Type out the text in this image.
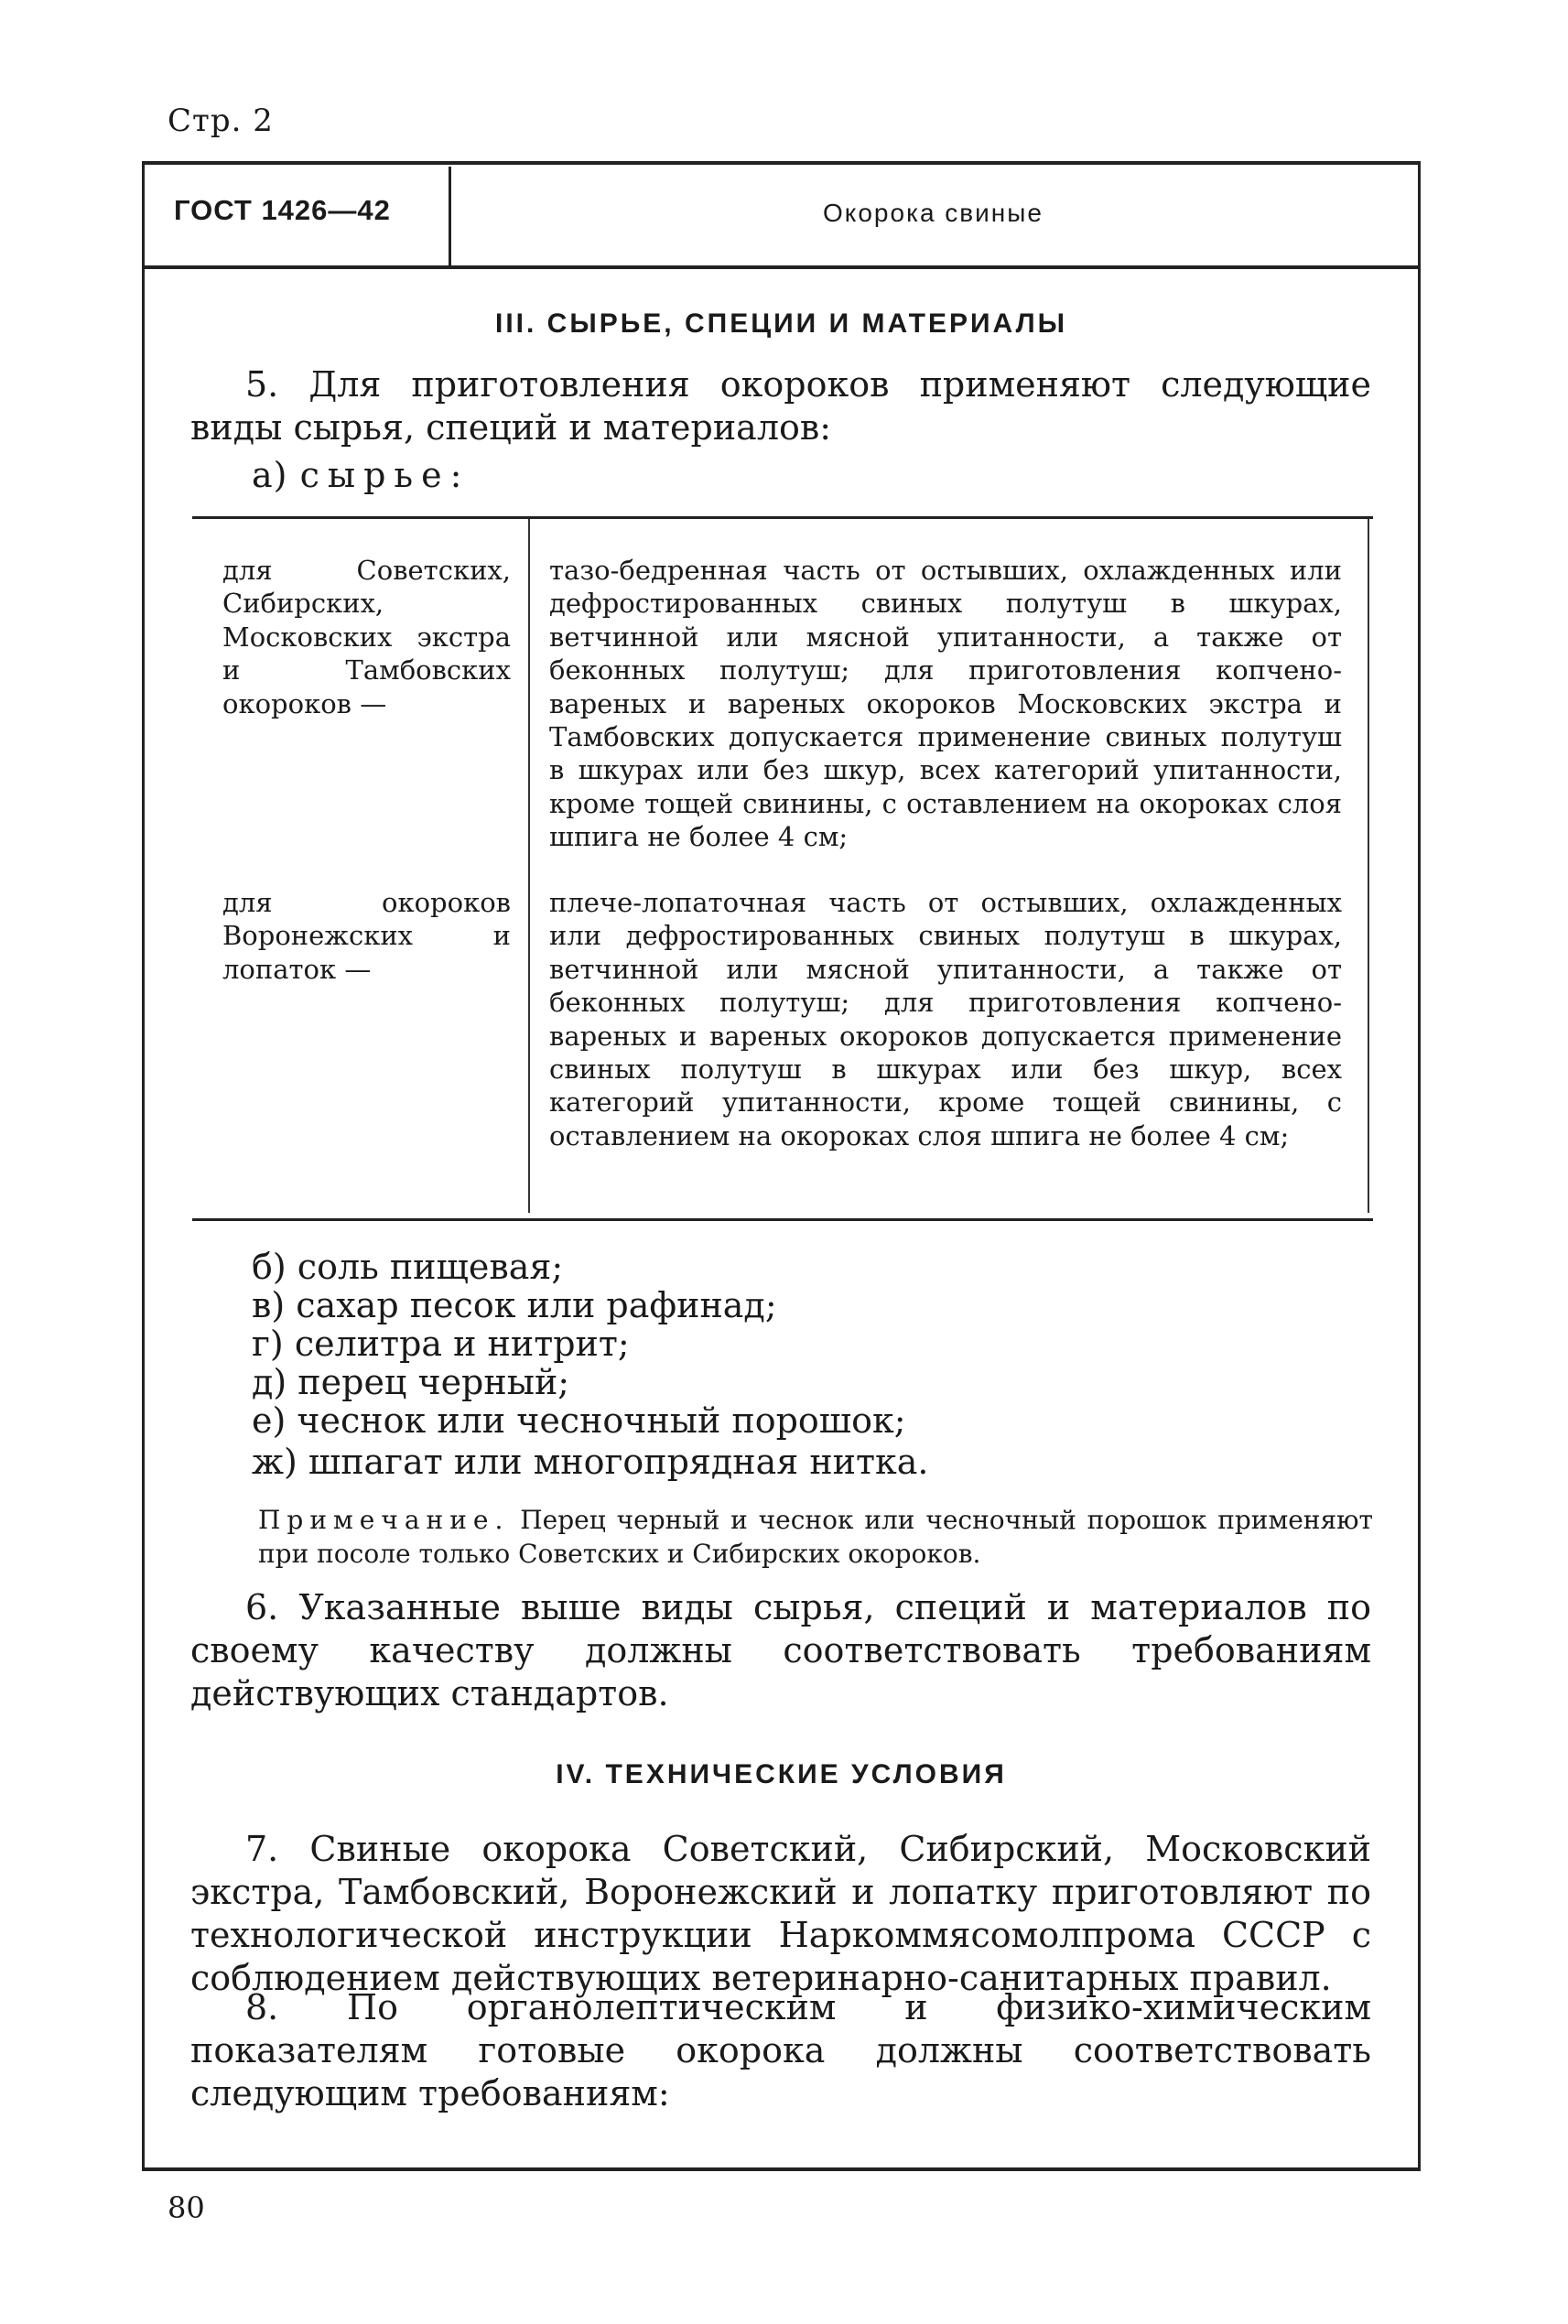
Стр. 2
ГОСТ 1426—42	Окорока свиные
III. СЫРЬЕ, СПЕЦИИ И МАТЕРИАЛЫ
5. Для приготовления окороков применяют следующие виды сырья, специй и материалов:
а) сырье:
для Советских, Сибирских, Московских экстра и Тамбовских окороков —
тазо-бедренная часть от остывших, охлажденных или дефростированных свиных полутуш в шкурах, ветчинной или мясной упитанности, а также от беконных полутуш; для приготовления копчено-вареных и вареных окороков Московских экстра и Тамбовских допускается применение свиных полутуш в шкурах или без шкур, всех категорий упитанности, кроме тощей свинины, с оставлением на окороках слоя шпига не более 4 см;
для окороков Воронежских и лопаток —
плече-лопаточная часть от остывших, охлажденных или дефростированных свиных полутуш в шкурах, ветчинной или мясной упитанности, а также от беконных полутуш; для приготовления копчено-вареных и вареных окороков допускается применение свиных полутуш в шкурах или без шкур, всех категорий упитанности, кроме тощей свинины, с оставлением на окороках слоя шпига не более 4 см;
б) соль пищевая;
в) сахар песок или рафинад;
г) селитра и нитрит;
д) перец черный;
е) чеснок или чесночный порошок;
ж) шпагат или многопрядная нитка.
Примечание. Перец черный и чеснок или чесночный порошок применяют при посоле только Советских и Сибирских окороков.
6. Указанные выше виды сырья, специй и материалов по своему качеству должны соответствовать требованиям действующих стандартов.
IV. ТЕХНИЧЕСКИЕ УСЛОВИЯ
7. Свиные окорока Советский, Сибирский, Московский экстра, Тамбовский, Воронежский и лопатку приготовляют по технологической инструкции Наркоммясомолпрома СССР с соблюдением действующих ветеринарно-санитарных правил.
8. По органолептическим и физико-химическим показателям готовые окорока должны соответствовать следующим требованиям:
80
